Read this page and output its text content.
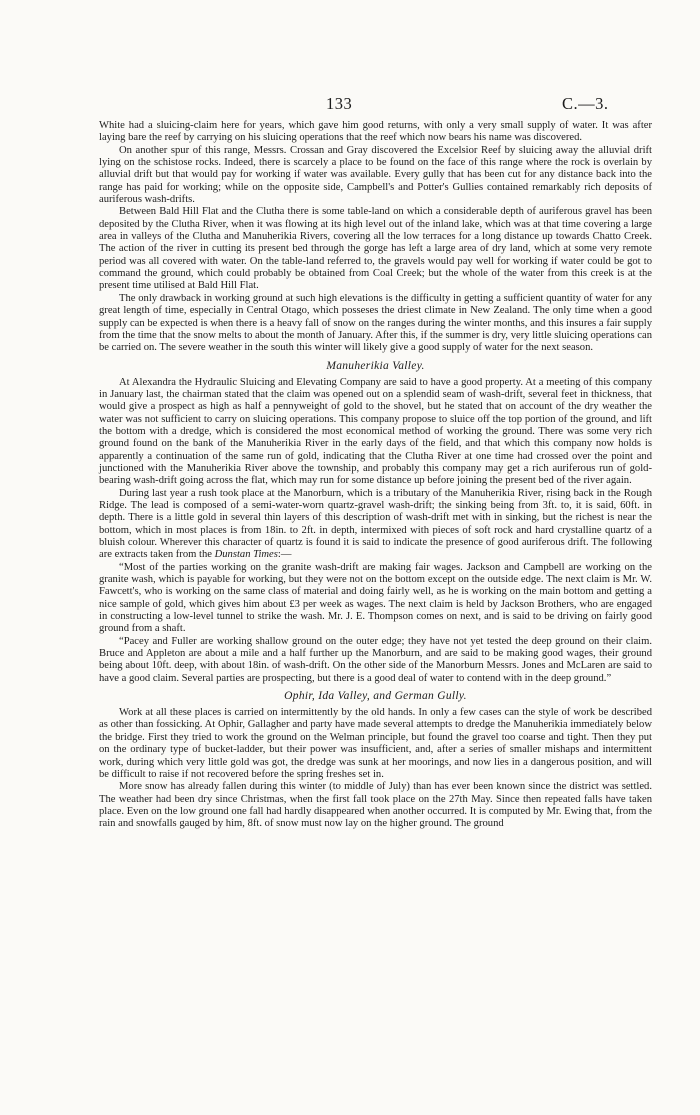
133	C.—3.

White had a sluicing-claim here for years, which gave him good returns, with only a very small supply of water. It was after laying bare the reef by carrying on his sluicing operations that the reef which now bears his name was discovered.

On another spur of this range, Messrs. Crossan and Gray discovered the Excelsior Reef by sluicing away the alluvial drift lying on the schistose rocks. Indeed, there is scarcely a place to be found on the face of this range where the rock is overlain by alluvial drift but that would pay for working if water was available. Every gully that has been cut for any distance back into the range has paid for working; while on the opposite side, Campbell's and Potter's Gullies contained remarkably rich deposits of auriferous wash-drifts.

Between Bald Hill Flat and the Clutha there is some table-land on which a considerable depth of auriferous gravel has been deposited by the Clutha River, when it was flowing at its high level out of the inland lake, which was at that time covering a large area in valleys of the Clutha and Manuherikia Rivers, covering all the low terraces for a long distance up towards Chatto Creek. The action of the river in cutting its present bed through the gorge has left a large area of dry land, which at some very remote period was all covered with water. On the table-land referred to, the gravels would pay well for working if water could be got to command the ground, which could probably be obtained from Coal Creek; but the whole of the water from this creek is at the present time utilised at Bald Hill Flat.

The only drawback in working ground at such high elevations is the difficulty in getting a sufficient quantity of water for any great length of time, especially in Central Otago, which posseses the driest climate in New Zealand. The only time when a good supply can be expected is when there is a heavy fall of snow on the ranges during the winter months, and this insures a fair supply from the time that the snow melts to about the month of January. After this, if the summer is dry, very little sluicing operations can be carried on. The severe weather in the south this winter will likely give a good supply of water for the next season.

Manuherikia Valley.

At Alexandra the Hydraulic Sluicing and Elevating Company are said to have a good property. At a meeting of this company in January last, the chairman stated that the claim was opened out on a splendid seam of wash-drift, several feet in thickness, that would give a prospect as high as half a pennyweight of gold to the shovel, but he stated that on account of the dry weather the water was not sufficient to carry on sluicing operations. This company propose to sluice off the top portion of the ground, and lift the bottom with a dredge, which is considered the most economical method of working the ground. There was some very rich ground found on the bank of the Manuherikia River in the early days of the field, and that which this company now holds is apparently a continuation of the same run of gold, indicating that the Clutha River at one time had crossed over the point and junctioned with the Manuherikia River above the township, and probably this company may get a rich auriferous run of gold-bearing wash-drift going across the flat, which may run for some distance up before joining the present bed of the river again.

During last year a rush took place at the Manorburn, which is a tributary of the Manuherikia River, rising back in the Rough Ridge. The lead is composed of a semi-water-worn quartz-gravel wash-drift; the sinking being from 3ft. to, it is said, 60ft. in depth. There is a little gold in several thin layers of this description of wash-drift met with in sinking, but the richest is near the bottom, which in most places is from 18in. to 2ft. in depth, intermixed with pieces of soft rock and hard crystalline quartz of a bluish colour. Wherever this character of quartz is found it is said to indicate the presence of good auriferous drift. The following are extracts taken from the Dunstan Times:—

“Most of the parties working on the granite wash-drift are making fair wages. Jackson and Campbell are working on the granite wash, which is payable for working, but they were not on the bottom except on the outside edge. The next claim is Mr. W. Fawcett's, who is working on the same class of material and doing fairly well, as he is working on the main bottom and getting a nice sample of gold, which gives him about £3 per week as wages. The next claim is held by Jackson Brothers, who are engaged in constructing a low-level tunnel to strike the wash. Mr. J. E. Thompson comes on next, and is said to be driving on fairly good ground from a shaft.

“Pacey and Fuller are working shallow ground on the outer edge; they have not yet tested the deep ground on their claim. Bruce and Appleton are about a mile and a half further up the Manorburn, and are said to be making good wages, their ground being about 10ft. deep, with about 18in. of wash-drift. On the other side of the Manorburn Messrs. Jones and McLaren are said to have a good claim. Several parties are prospecting, but there is a good deal of water to contend with in the deep ground.”

Ophir, Ida Valley, and German Gully.

Work at all these places is carried on intermittently by the old hands. In only a few cases can the style of work be described as other than fossicking. At Ophir, Gallagher and party have made several attempts to dredge the Manuherikia immediately below the bridge. First they tried to work the ground on the Welman principle, but found the gravel too coarse and tight. Then they put on the ordinary type of bucket-ladder, but their power was insufficient, and, after a series of smaller mishaps and intermittent work, during which very little gold was got, the dredge was sunk at her moorings, and now lies in a dangerous position, and will be difficult to raise if not recovered before the spring freshes set in.

More snow has already fallen during this winter (to middle of July) than has ever been known since the district was settled. The weather had been dry since Christmas, when the first fall took place on the 27th May. Since then repeated falls have taken place. Even on the low ground one fall had hardly disappeared when another occurred. It is computed by Mr. Ewing that, from the rain and snowfalls gauged by him, 8ft. of snow must now lay on the higher ground. The ground
